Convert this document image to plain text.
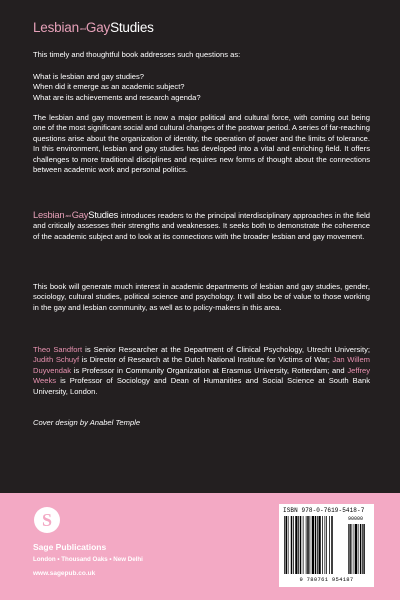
Lesbian and Gay Studies
This timely and thoughtful book addresses such questions as:
What is lesbian and gay studies?
When did it emerge as an academic subject?
What are its achievements and research agenda?
The lesbian and gay movement is now a major political and cultural force, with coming out being one of the most significant social and cultural changes of the postwar period. A series of far-reaching questions arise about the organization of identity, the operation of power and the limits of tolerance. In this environment, lesbian and gay studies has developed into a vital and enriching field. It offers challenges to more traditional disciplines and requires new forms of thought about the connections between academic work and personal politics.
LesbianandGayStudies introduces readers to the principal interdisciplinary approaches in the field and critically assesses their strengths and weaknesses. It seeks both to demonstrate the coherence of the academic subject and to look at its connections with the broader lesbian and gay movement.
This book will generate much interest in academic departments of lesbian and gay studies, gender, sociology, cultural studies, political science and psychology. It will also be of value to those working in the gay and lesbian community, as well as to policy-makers in this area.
Theo Sandfort is Senior Researcher at the Department of Clinical Psychology, Utrecht University; Judith Schuyf is Director of Research at the Dutch National Institute for Victims of War; Jan Willem Duyvendak is Professor in Community Organization at Erasmus University, Rotterdam; and Jeffrey Weeks is Professor of Sociology and Dean of Humanities and Social Science at South Bank University, London.
Cover design by Anabel Temple
S
Sage Publications
London • Thousand Oaks • New Delhi
www.sagepub.co.uk
ISBN 978-0-7619-5418-7
90000
9 780761 954187
